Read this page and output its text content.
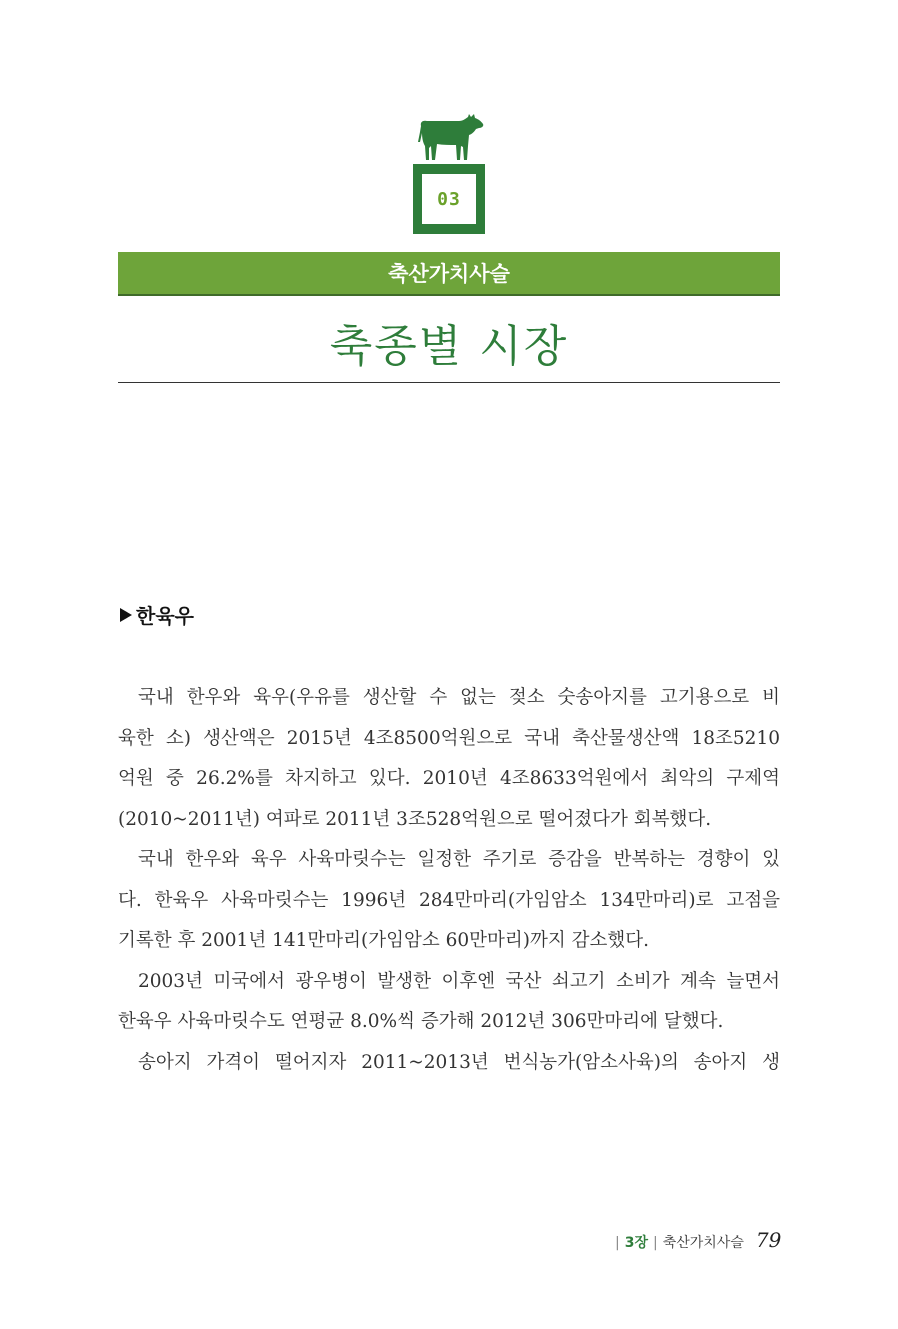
03
축산가치사슬
축종별 시장
한육우
국내 한우와 육우(우유를 생산할 수 없는 젖소 숫송아지를 고기용으로 비
육한 소) 생산액은 2015년 4조8500억원으로 국내 축산물생산액 18조5210
억원 중 26.2%를 차지하고 있다. 2010년 4조8633억원에서 최악의 구제역
(2010~2011년) 여파로 2011년 3조528억원으로 떨어졌다가 회복했다.
국내 한우와 육우 사육마릿수는 일정한 주기로 증감을 반복하는 경향이 있
다. 한육우 사육마릿수는 1996년 284만마리(가임암소 134만마리)로 고점을
기록한 후 2001년 141만마리(가임암소 60만마리)까지 감소했다.
2003년 미국에서 광우병이 발생한 이후엔 국산 쇠고기 소비가 계속 늘면서
한육우 사육마릿수도 연평균 8.0%씩 증가해 2012년 306만마리에 달했다.
송아지 가격이 떨어지자 2011~2013년 번식농가(암소사육)의 송아지 생
| 3장 | 축산가치사슬 79
